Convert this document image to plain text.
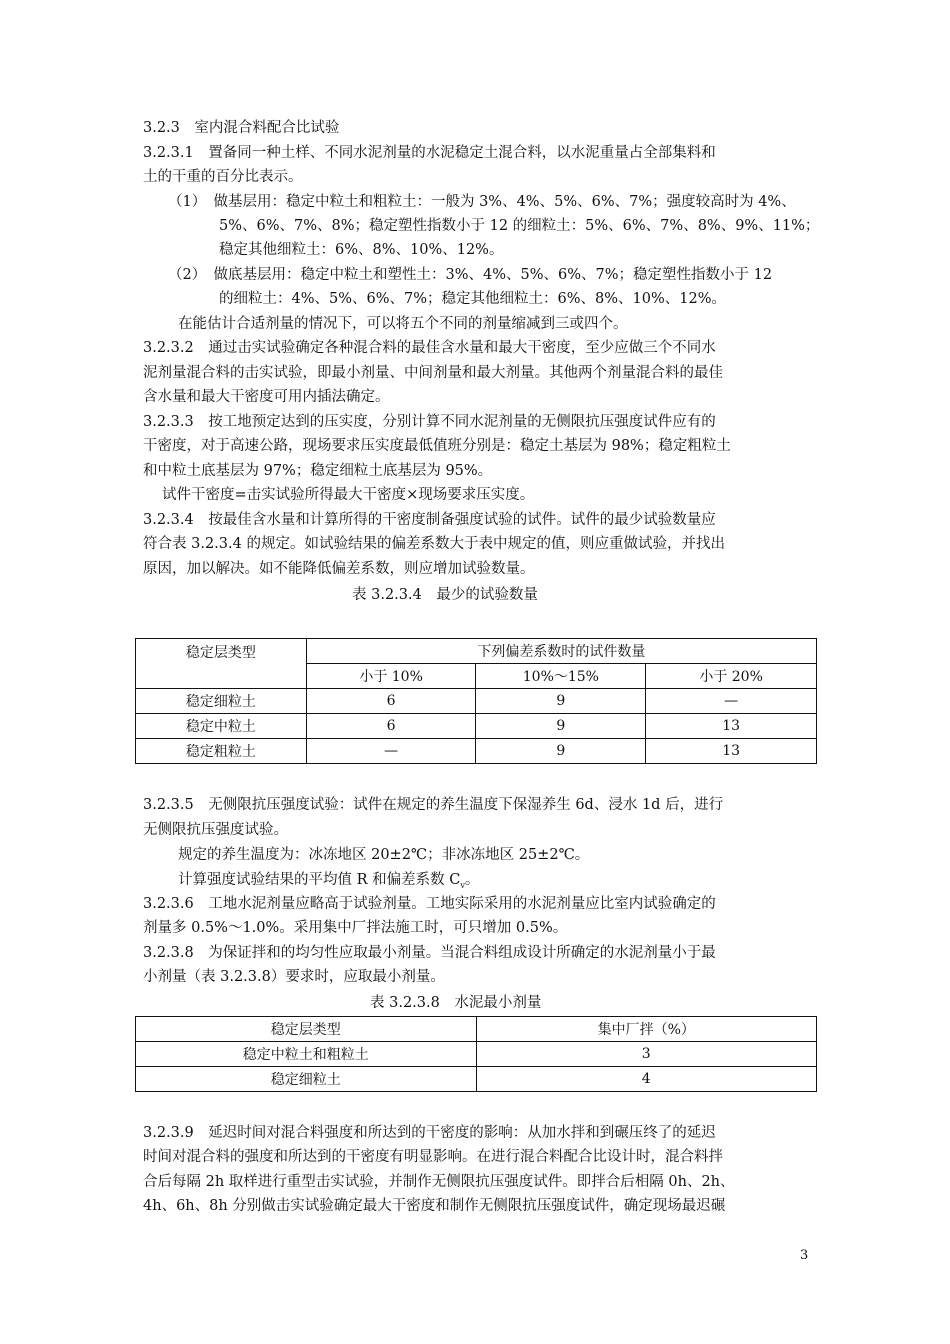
3.2.3　室内混合料配合比试验
3.2.3.1　置备同一种土样、不同水泥剂量的水泥稳定土混合料，以水泥重量占全部集料和
土的干重的百分比表示。
（1）　做基层用：稳定中粒土和粗粒土：一般为 3%、4%、5%、6%、7%；强度较高时为 4%、
5%、6%、7%、8%；稳定塑性指数小于 12 的细粒土：5%、6%、7%、8%、9%、11%；
稳定其他细粒土：6%、8%、10%、12%。
（2）　做底基层用：稳定中粒土和塑性土：3%、4%、5%、6%、7%；稳定塑性指数小于 12
的细粒土：4%、5%、6%、7%；稳定其他细粒土：6%、8%、10%、12%。
在能估计合适剂量的情况下，可以将五个不同的剂量缩减到三或四个。
3.2.3.2　通过击实试验确定各种混合料的最佳含水量和最大干密度，至少应做三个不同水
泥剂量混合料的击实试验，即最小剂量、中间剂量和最大剂量。其他两个剂量混合料的最佳
含水量和最大干密度可用内插法确定。
3.2.3.3　按工地预定达到的压实度，分别计算不同水泥剂量的无侧限抗压强度试件应有的
干密度，对于高速公路，现场要求压实度最低值班分别是：稳定土基层为 98%；稳定粗粒土
和中粒土底基层为 97%；稳定细粒土底基层为 95%。
试件干密度=击实试验所得最大干密度×现场要求压实度。
3.2.3.4　按最佳含水量和计算所得的干密度制备强度试验的试件。试件的最少试验数量应
符合表 3.2.3.4 的规定。如试验结果的偏差系数大于表中规定的值，则应重做试验，并找出
原因，加以解决。如不能降低偏差系数，则应增加试验数量。
表 3.2.3.4　最少的试验数量
稳定层类型	下列偏差系数时的试件数量		
	小于 10%	10%～15%	小于 20%
稳定细粒土	6	9	—
稳定中粒土	6	9	13
稳定粗粒土	—	9	13
3.2.3.5　无侧限抗压强度试验：试件在规定的养生温度下保湿养生 6d、浸水 1d 后，进行
无侧限抗压强度试验。
规定的养生温度为：冰冻地区 20±2℃；非冰冻地区 25±2℃。
计算强度试验结果的平均值 R 和偏差系数 $C_v$。
3.2.3.6　工地水泥剂量应略高于试验剂量。工地实际采用的水泥剂量应比室内试验确定的
剂量多 0.5%～1.0%。采用集中厂拌法施工时，可只增加 0.5%。
3.2.3.8　为保证拌和的均匀性应取最小剂量。当混合料组成设计所确定的水泥剂量小于最
小剂量（表 3.2.3.8）要求时，应取最小剂量。
表 3.2.3.8　水泥最小剂量
稳定层类型	集中厂拌（%）
稳定中粒土和粗粒土	3
稳定细粒土	4
3.2.3.9　延迟时间对混合料强度和所达到的干密度的影响：从加水拌和到碾压终了的延迟
时间对混合料的强度和所达到的干密度有明显影响。在进行混合料配合比设计时，混合料拌
合后每隔 2h 取样进行重型击实试验，并制作无侧限抗压强度试件。即拌合后相隔 0h、2h、
4h、6h、8h 分别做击实试验确定最大干密度和制作无侧限抗压强度试件，确定现场最迟碾
3
